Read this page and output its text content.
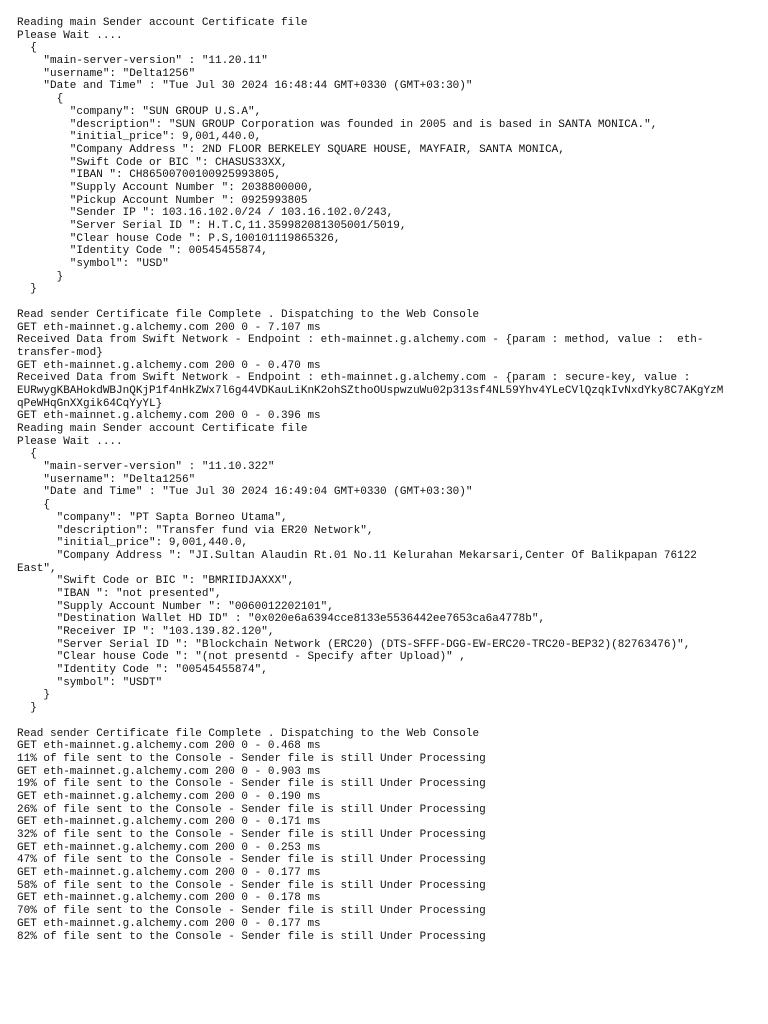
Reading main Sender account Certificate file
Please Wait ....
{
"main-server-version" : "11.20.11"
"username": "Delta1256"
"Date and Time" : "Tue Jul 30 2024 16:48:44 GMT+0330 (GMT+03:30)"
{
"company": "SUN GROUP U.S.A",
"description": "SUN GROUP Corporation was founded in 2005 and is based in SANTA MONICA.",
"initial_price": 9,001,440.0,
"Company Address ": 2ND FLOOR BERKELEY SQUARE HOUSE, MAYFAIR, SANTA MONICA,
"Swift Code or BIC ": CHASUS33XX,
"IBAN ": CH86500700100925993805,
"Supply Account Number ": 2038800000,
"Pickup Account Number ": 0925993805
"Sender IP ": 103.16.102.0/24 / 103.16.102.0/243,
"Server Serial ID ": H.T.C,11.359982081305001/5019,
"Clear house Code ": P.S,100101119865326,
"Identity Code ": 00545455874,
"symbol": "USD"
}
}
Read sender Certificate file Complete . Dispatching to the Web Console
GET eth-mainnet.g.alchemy.com 200 0 - 7.107 ms
Received Data from Swift Network - Endpoint : eth-mainnet.g.alchemy.com - {param : method, value :  eth-
transfer-mod}
GET eth-mainnet.g.alchemy.com 200 0 - 0.470 ms
Received Data from Swift Network - Endpoint : eth-mainnet.g.alchemy.com - {param : secure-key, value :
EURwygKBAHokdWBJnQKjP1f4nHkZWx7l6g44VDKauLiKnK2ohSZthoOUspwzuWu02p313sf4NL59Yhv4YLeCVlQzqkIvNxdYky8C7AKgYzM
qPeWHqGnXXgik64CqYyYL}
GET eth-mainnet.g.alchemy.com 200 0 - 0.396 ms
Reading main Sender account Certificate file
Please Wait ....
{
"main-server-version" : "11.10.322"
"username": "Delta1256"
"Date and Time" : "Tue Jul 30 2024 16:49:04 GMT+0330 (GMT+03:30)"
{
"company": "PT Sapta Borneo Utama",
"description": "Transfer fund via ER20 Network",
"initial_price": 9,001,440.0,
"Company Address ": "JI.Sultan Alaudin Rt.01 No.11 Kelurahan Mekarsari,Center Of Balikpapan 76122
East",
"Swift Code or BIC ": "BMRIIDJAXXX",
"IBAN ": "not presented",
"Supply Account Number ": "0060012202101",
"Destination Wallet HD ID" : "0x020e6a6394cce8133e5536442ee7653ca6a4778b",
"Receiver IP ": "103.139.82.120",
"Server Serial ID ": "Blockchain Network (ERC20) (DTS-SFFF-DGG-EW-ERC20-TRC20-BEP32)(82763476)",
"Clear house Code ": "(not presentd - Specify after Upload)" ,
"Identity Code ": "00545455874",
"symbol": "USDT"
}
}
Read sender Certificate file Complete . Dispatching to the Web Console
GET eth-mainnet.g.alchemy.com 200 0 - 0.468 ms
11% of file sent to the Console - Sender file is still Under Processing
GET eth-mainnet.g.alchemy.com 200 0 - 0.903 ms
19% of file sent to the Console - Sender file is still Under Processing
GET eth-mainnet.g.alchemy.com 200 0 - 0.190 ms
26% of file sent to the Console - Sender file is still Under Processing
GET eth-mainnet.g.alchemy.com 200 0 - 0.171 ms
32% of file sent to the Console - Sender file is still Under Processing
GET eth-mainnet.g.alchemy.com 200 0 - 0.253 ms
47% of file sent to the Console - Sender file is still Under Processing
GET eth-mainnet.g.alchemy.com 200 0 - 0.177 ms
58% of file sent to the Console - Sender file is still Under Processing
GET eth-mainnet.g.alchemy.com 200 0 - 0.178 ms
70% of file sent to the Console - Sender file is still Under Processing
GET eth-mainnet.g.alchemy.com 200 0 - 0.177 ms
82% of file sent to the Console - Sender file is still Under Processing
